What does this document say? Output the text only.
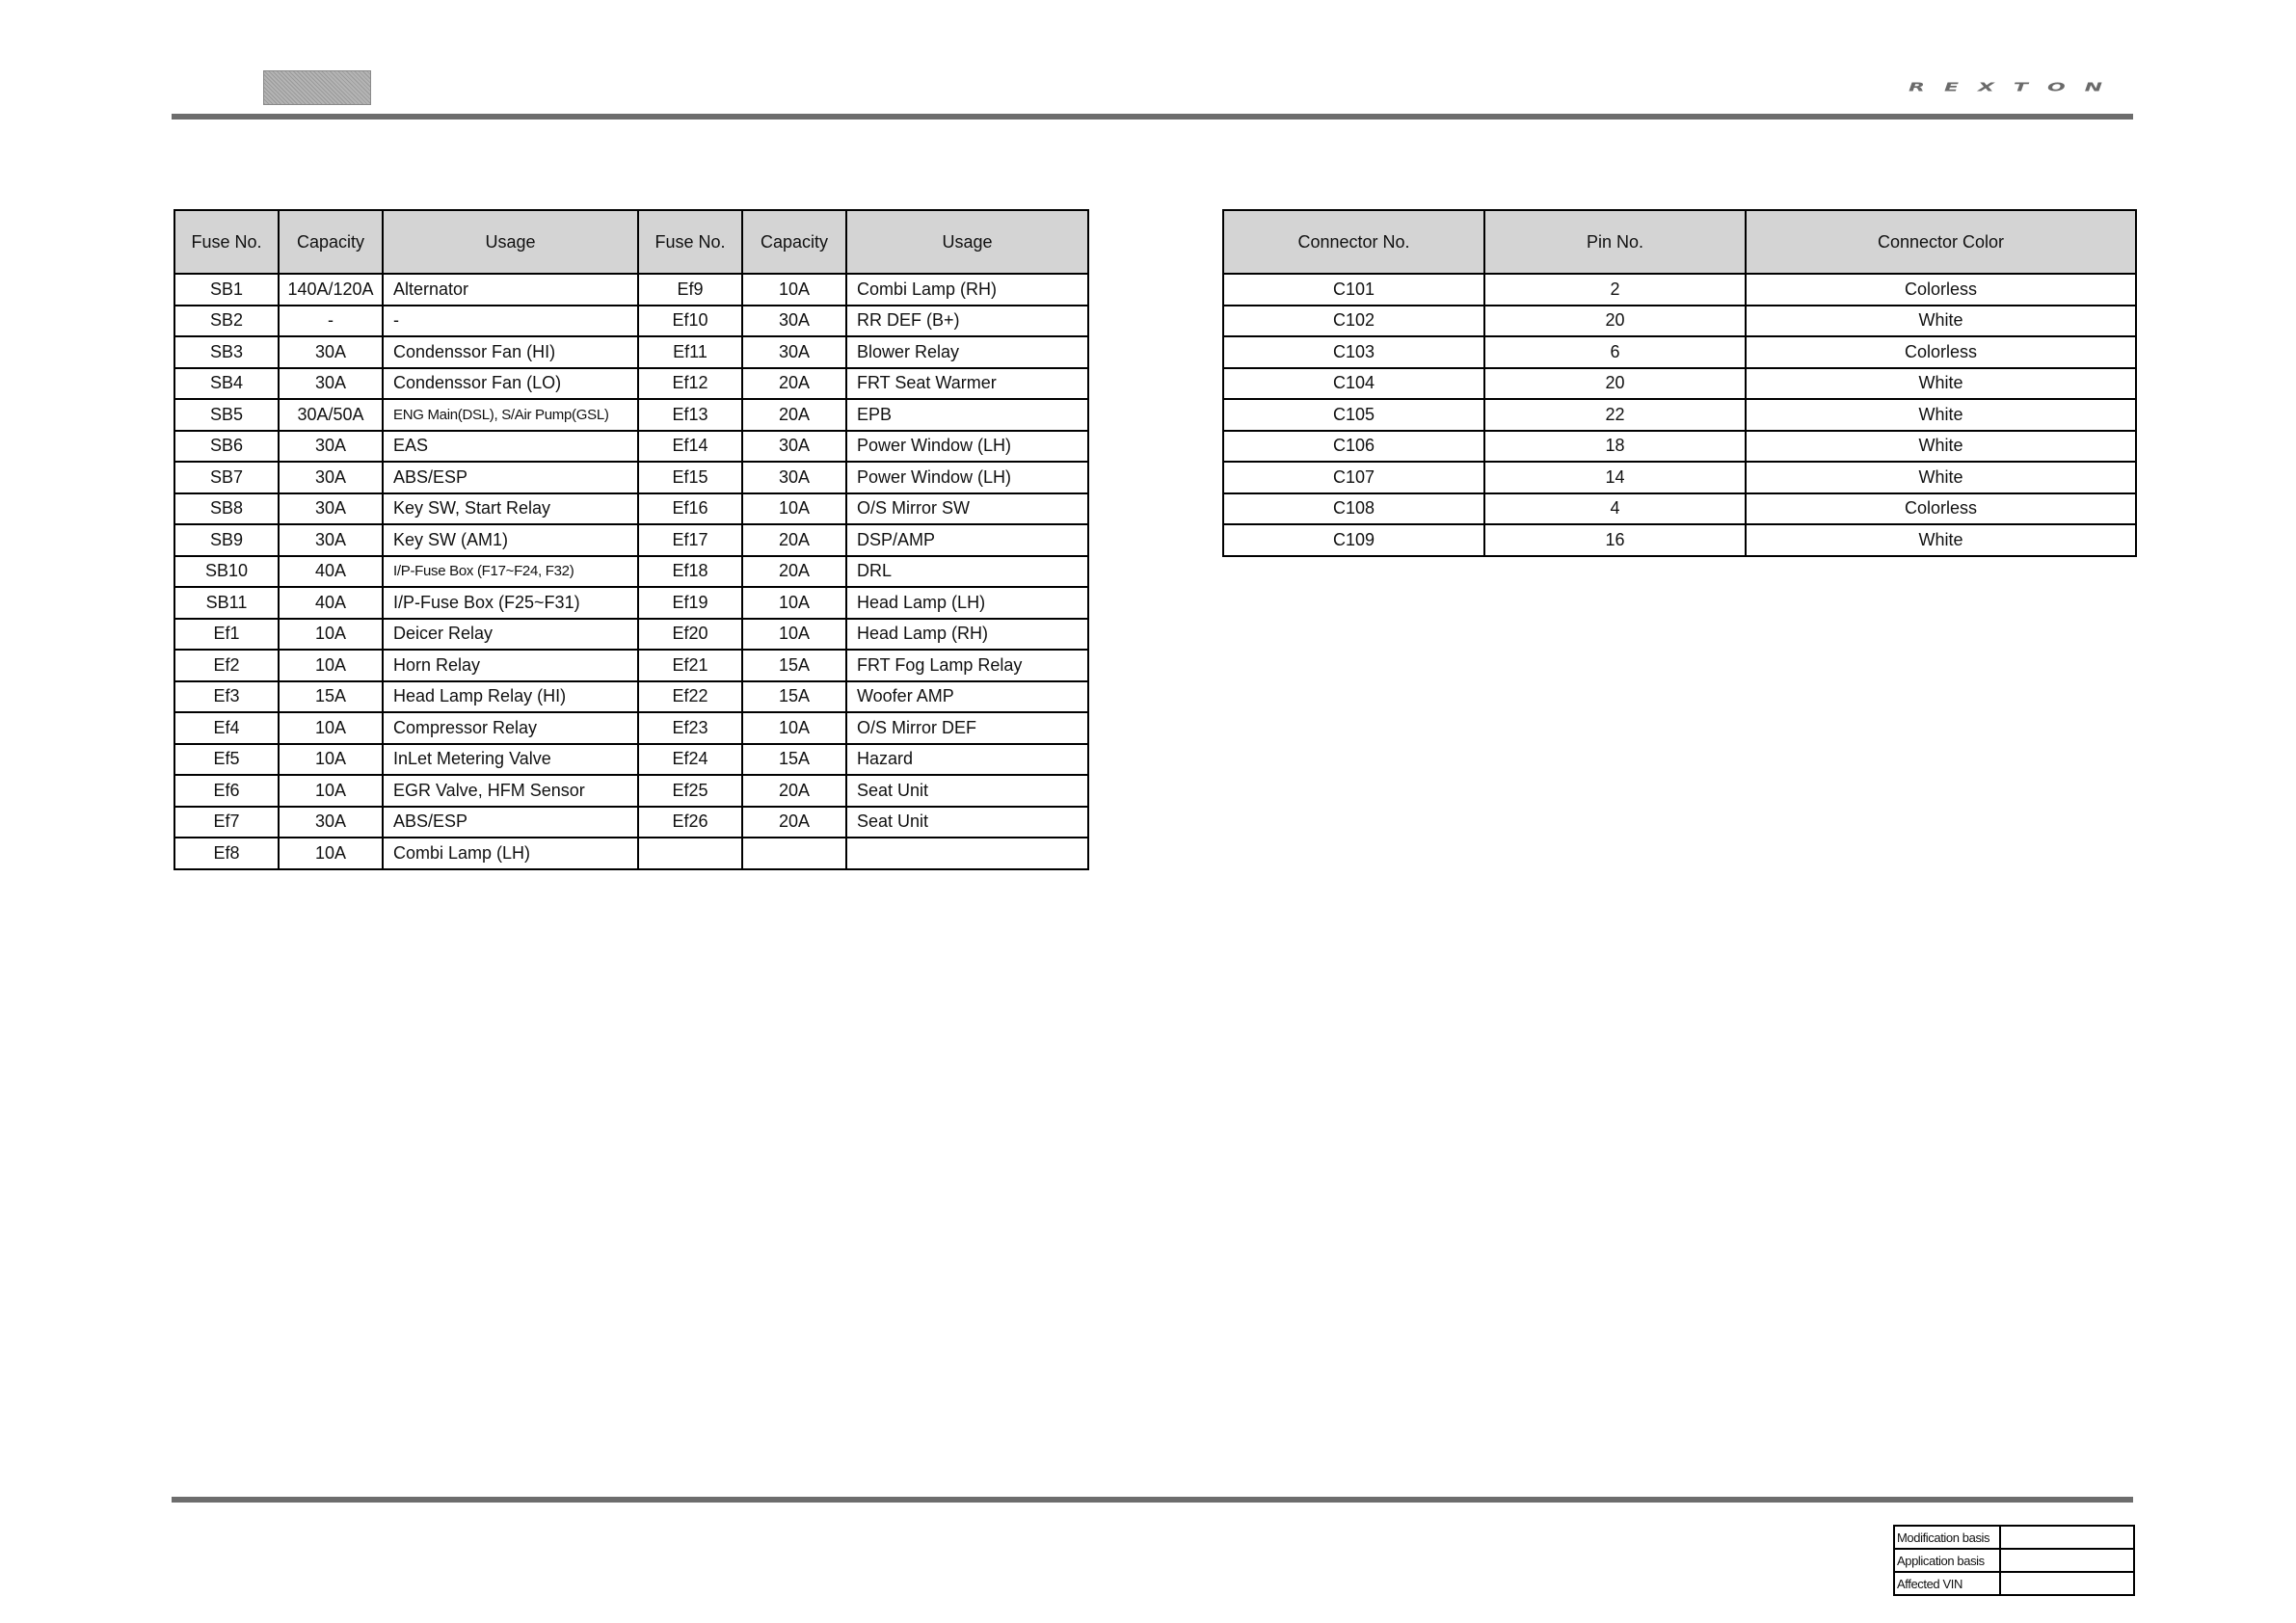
REXTON
Fuse No.	Capacity	Usage	Fuse No.	Capacity	Usage
SB1	140A/120A	Alternator	Ef9	10A	Combi Lamp (RH)
SB2	-	-	Ef10	30A	RR DEF (B+)
SB3	30A	Condenssor Fan (HI)	Ef11	30A	Blower Relay
SB4	30A	Condenssor Fan (LO)	Ef12	20A	FRT Seat Warmer
SB5	30A/50A	ENG Main(DSL), S/Air Pump(GSL)	Ef13	20A	EPB
SB6	30A	EAS	Ef14	30A	Power Window (LH)
SB7	30A	ABS/ESP	Ef15	30A	Power Window (LH)
SB8	30A	Key SW, Start Relay	Ef16	10A	O/S Mirror SW
SB9	30A	Key SW (AM1)	Ef17	20A	DSP/AMP
SB10	40A	I/P-Fuse Box (F17~F24, F32)	Ef18	20A	DRL
SB11	40A	I/P-Fuse Box (F25~F31)	Ef19	10A	Head Lamp (LH)
Ef1	10A	Deicer Relay	Ef20	10A	Head Lamp (RH)
Ef2	10A	Horn Relay	Ef21	15A	FRT Fog Lamp Relay
Ef3	15A	Head Lamp Relay (HI)	Ef22	15A	Woofer AMP
Ef4	10A	Compressor Relay	Ef23	10A	O/S Mirror DEF
Ef5	10A	InLet Metering Valve	Ef24	15A	Hazard
Ef6	10A	EGR Valve, HFM Sensor	Ef25	20A	Seat Unit
Ef7	30A	ABS/ESP	Ef26	20A	Seat Unit
Ef8	10A	Combi Lamp (LH)			
Connector No.	Pin No.	Connector Color
C101	2	Colorless
C102	20	White
C103	6	Colorless
C104	20	White
C105	22	White
C106	18	White
C107	14	White
C108	4	Colorless
C109	16	White
Modification basis	
Application basis	
Affected VIN	
